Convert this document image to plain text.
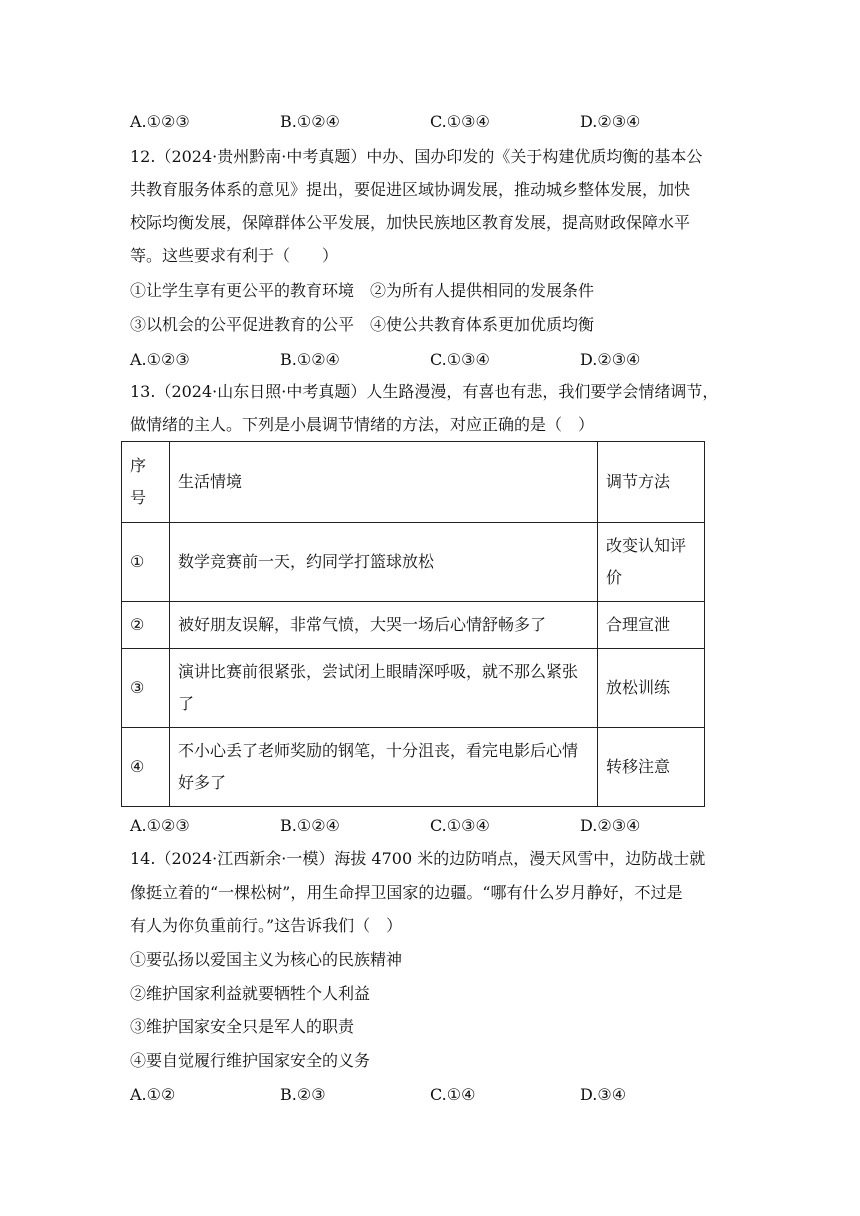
A.①②③	B.①②④	C.①③④	D.②③④
12.（2024·贵州黔南·中考真题）中办、国办印发的《关于构建优质均衡的基本公
共教育服务体系的意见》提出，要促进区域协调发展，推动城乡整体发展，加快
校际均衡发展，保障群体公平发展，加快民族地区教育发展，提高财政保障水平
等。这些要求有利于（　　）
①让学生享有更公平的教育环境　②为所有人提供相同的发展条件
③以机会的公平促进教育的公平　④使公共教育体系更加优质均衡
A.①②③	B.①②④	C.①③④	D.②③④
13.（2024·山东日照·中考真题）人生路漫漫，有喜也有悲，我们要学会情绪调节，
做情绪的主人。下列是小晨调节情绪的方法，对应正确的是（　）
序号	生活情境	调节方法
①	数学竞赛前一天，约同学打篮球放松	改变认知评价
②	被好朋友误解，非常气愤，大哭一场后心情舒畅多了	合理宣泄
③	演讲比赛前很紧张，尝试闭上眼睛深呼吸，就不那么紧张了	放松训练
④	不小心丢了老师奖励的钢笔，十分沮丧，看完电影后心情好多了	转移注意
A.①②③	B.①②④	C.①③④	D.②③④
14.（2024·江西新余·一模）海拔 4700 米的边防哨点，漫天风雪中，边防战士就
像挺立着的“一棵松树”，用生命捍卫国家的边疆。“哪有什么岁月静好，不过是
有人为你负重前行。”这告诉我们（　）
①要弘扬以爱国主义为核心的民族精神
②维护国家利益就要牺牲个人利益
③维护国家安全只是军人的职责
④要自觉履行维护国家安全的义务
A.①②	B.②③	C.①④	D.③④
